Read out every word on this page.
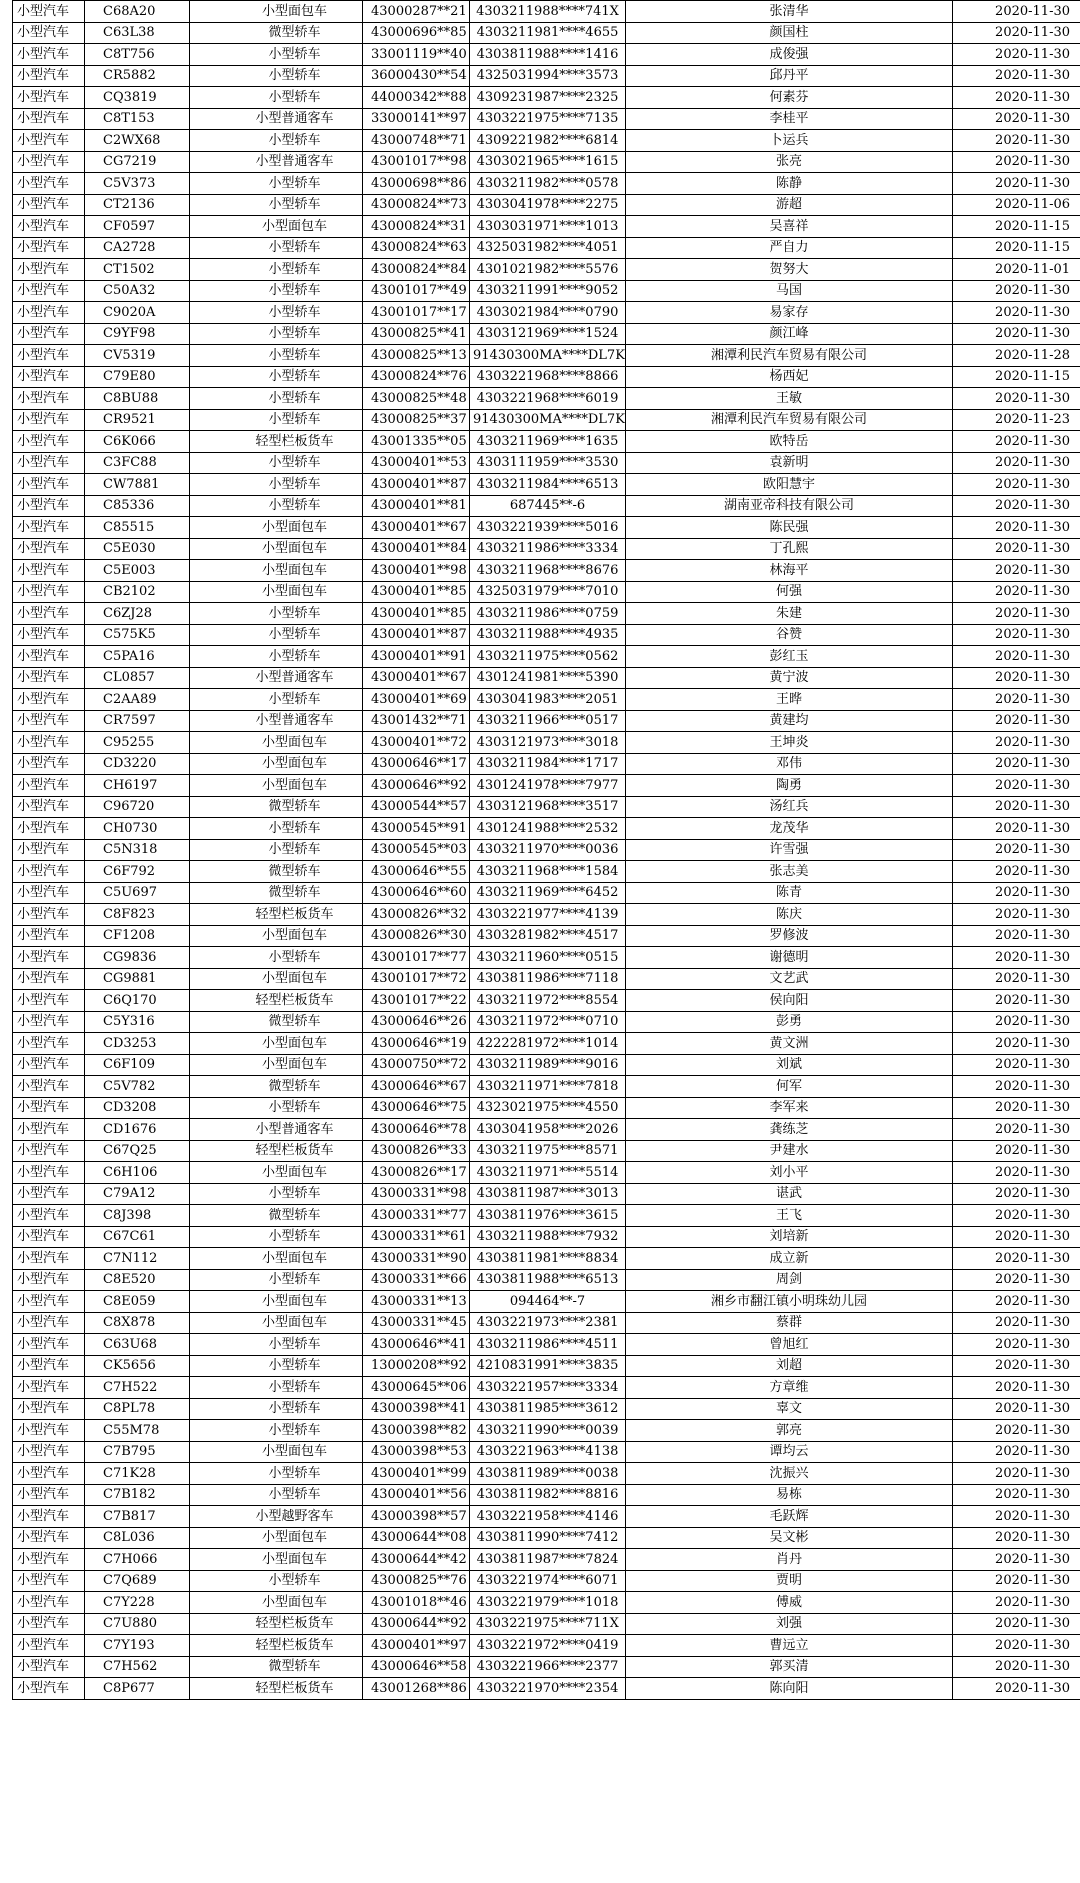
小型汽车	C68A20	小型面包车	43000287**21	4303211988****741X	张清华	2020-11-30
小型汽车	C63L38	微型轿车	43000696**85	4303211981****4655	颜国柱	2020-11-30
小型汽车	C8T756	小型轿车	33001119**40	4303811988****1416	成俊强	2020-11-30
小型汽车	CR5882	小型轿车	36000430**54	4325031994****3573	邱丹平	2020-11-30
小型汽车	CQ3819	小型轿车	44000342**88	4309231987****2325	何素芬	2020-11-30
小型汽车	C8T153	小型普通客车	33000141**97	4303221975****7135	李桂平	2020-11-30
小型汽车	C2WX68	小型轿车	43000748**71	4309221982****6814	卜运兵	2020-11-30
小型汽车	CG7219	小型普通客车	43001017**98	4303021965****1615	张亮	2020-11-30
小型汽车	C5V373	小型轿车	43000698**86	4303211982****0578	陈静	2020-11-30
小型汽车	CT2136	小型轿车	43000824**73	4303041978****2275	游超	2020-11-06
小型汽车	CF0597	小型面包车	43000824**31	4303031971****1013	吴喜祥	2020-11-15
小型汽车	CA2728	小型轿车	43000824**63	4325031982****4051	严自力	2020-11-15
小型汽车	CT1502	小型轿车	43000824**84	4301021982****5576	贺努大	2020-11-01
小型汽车	C50A32	小型轿车	43001017**49	4303211991****9052	马国	2020-11-30
小型汽车	C9020A	小型轿车	43001017**17	4303021984****0790	易家存	2020-11-30
小型汽车	C9YF98	小型轿车	43000825**41	4303121969****1524	颜江峰	2020-11-30
小型汽车	CV5319	小型轿车	43000825**13	91430300MA****DL7K	湘潭利民汽车贸易有限公司	2020-11-28
小型汽车	C79E80	小型轿车	43000824**76	4303221968****8866	杨西妃	2020-11-15
小型汽车	C8BU88	小型轿车	43000825**48	4303221968****6019	王敏	2020-11-30
小型汽车	CR9521	小型轿车	43000825**37	91430300MA****DL7K	湘潭利民汽车贸易有限公司	2020-11-23
小型汽车	C6K066	轻型栏板货车	43001335**05	4303211969****1635	欧特岳	2020-11-30
小型汽车	C3FC88	小型轿车	43000401**53	4303111959****3530	袁新明	2020-11-30
小型汽车	CW7881	小型轿车	43000401**87	4303211984****6513	欧阳慧宇	2020-11-30
小型汽车	C85336	小型轿车	43000401**81	687445**-6	湖南亚帝科技有限公司	2020-11-30
小型汽车	C85515	小型面包车	43000401**67	4303221939****5016	陈民强	2020-11-30
小型汽车	C5E030	小型面包车	43000401**84	4303211986****3334	丁孔熙	2020-11-30
小型汽车	C5E003	小型面包车	43000401**98	4303211968****8676	林海平	2020-11-30
小型汽车	CB2102	小型面包车	43000401**85	4325031979****7010	何强	2020-11-30
小型汽车	C6ZJ28	小型轿车	43000401**85	4303211986****0759	朱建	2020-11-30
小型汽车	C575K5	小型轿车	43000401**87	4303211988****4935	谷赞	2020-11-30
小型汽车	C5PA16	小型轿车	43000401**91	4303211975****0562	彭红玉	2020-11-30
小型汽车	CL0857	小型普通客车	43000401**67	4301241981****5390	黄宁波	2020-11-30
小型汽车	C2AA89	小型轿车	43000401**69	4303041983****2051	王晔	2020-11-30
小型汽车	CR7597	小型普通客车	43001432**71	4303211966****0517	黄建均	2020-11-30
小型汽车	C95255	小型面包车	43000401**72	4303121973****3018	王坤炎	2020-11-30
小型汽车	CD3220	小型面包车	43000646**17	4303211984****1717	邓伟	2020-11-30
小型汽车	CH6197	小型面包车	43000646**92	4301241978****7977	陶勇	2020-11-30
小型汽车	C96720	微型轿车	43000544**57	4303121968****3517	汤红兵	2020-11-30
小型汽车	CH0730	小型轿车	43000545**91	4301241988****2532	龙茂华	2020-11-30
小型汽车	C5N318	小型轿车	43000545**03	4303211970****0036	许雪强	2020-11-30
小型汽车	C6F792	微型轿车	43000646**55	4303211968****1584	张志美	2020-11-30
小型汽车	C5U697	微型轿车	43000646**60	4303211969****6452	陈青	2020-11-30
小型汽车	C8F823	轻型栏板货车	43000826**32	4303221977****4139	陈庆	2020-11-30
小型汽车	CF1208	小型面包车	43000826**30	4303281982****4517	罗修波	2020-11-30
小型汽车	CG9836	小型轿车	43001017**77	4303211960****0515	谢德明	2020-11-30
小型汽车	CG9881	小型面包车	43001017**72	4303811986****7118	文艺武	2020-11-30
小型汽车	C6Q170	轻型栏板货车	43001017**22	4303211972****8554	侯向阳	2020-11-30
小型汽车	C5Y316	微型轿车	43000646**26	4303211972****0710	彭勇	2020-11-30
小型汽车	CD3253	小型面包车	43000646**19	4222281972****1014	黄文洲	2020-11-30
小型汽车	C6F109	小型面包车	43000750**72	4303211989****9016	刘斌	2020-11-30
小型汽车	C5V782	微型轿车	43000646**67	4303211971****7818	何军	2020-11-30
小型汽车	CD3208	小型轿车	43000646**75	4323021975****4550	李军来	2020-11-30
小型汽车	CD1676	小型普通客车	43000646**78	4303041958****2026	龚练芝	2020-11-30
小型汽车	C67Q25	轻型栏板货车	43000826**33	4303211975****8571	尹建水	2020-11-30
小型汽车	C6H106	小型面包车	43000826**17	4303211971****5514	刘小平	2020-11-30
小型汽车	C79A12	小型轿车	43000331**98	4303811987****3013	谌武	2020-11-30
小型汽车	C8J398	微型轿车	43000331**77	4303811976****3615	王飞	2020-11-30
小型汽车	C67C61	小型轿车	43000331**61	4303211988****7932	刘培新	2020-11-30
小型汽车	C7N112	小型面包车	43000331**90	4303811981****8834	成立新	2020-11-30
小型汽车	C8E520	小型轿车	43000331**66	4303811988****6513	周剑	2020-11-30
小型汽车	C8E059	小型面包车	43000331**13	094464**-7	湘乡市翻江镇小明珠幼儿园	2020-11-30
小型汽车	C8X878	小型面包车	43000331**45	4303221973****2381	蔡群	2020-11-30
小型汽车	C63U68	小型轿车	43000646**41	4303211986****4511	曾旭红	2020-11-30
小型汽车	CK5656	小型轿车	13000208**92	4210831991****3835	刘超	2020-11-30
小型汽车	C7H522	小型轿车	43000645**06	4303221957****3334	方章维	2020-11-30
小型汽车	C8PL78	小型轿车	43000398**41	4303811985****3612	辜文	2020-11-30
小型汽车	C55M78	小型轿车	43000398**82	4303211990****0039	郭亮	2020-11-30
小型汽车	C7B795	小型面包车	43000398**53	4303221963****4138	谭均云	2020-11-30
小型汽车	C71K28	小型轿车	43000401**99	4303811989****0038	沈振兴	2020-11-30
小型汽车	C7B182	小型轿车	43000401**56	4303811982****8816	易栋	2020-11-30
小型汽车	C7B817	小型越野客车	43000398**57	4303221958****4146	毛跃辉	2020-11-30
小型汽车	C8L036	小型面包车	43000644**08	4303811990****7412	吴文彬	2020-11-30
小型汽车	C7H066	小型面包车	43000644**42	4303811987****7824	肖丹	2020-11-30
小型汽车	C7Q689	小型轿车	43000825**76	4303221974****6071	贾明	2020-11-30
小型汽车	C7Y228	小型面包车	43001018**46	4303221979****1018	傅威	2020-11-30
小型汽车	C7U880	轻型栏板货车	43000644**92	4303221975****711X	刘强	2020-11-30
小型汽车	C7Y193	轻型栏板货车	43000401**97	4303221972****0419	曹远立	2020-11-30
小型汽车	C7H562	微型轿车	43000646**58	4303221966****2377	郭买清	2020-11-30
小型汽车	C8P677	轻型栏板货车	43001268**86	4303221970****2354	陈向阳	2020-11-30
